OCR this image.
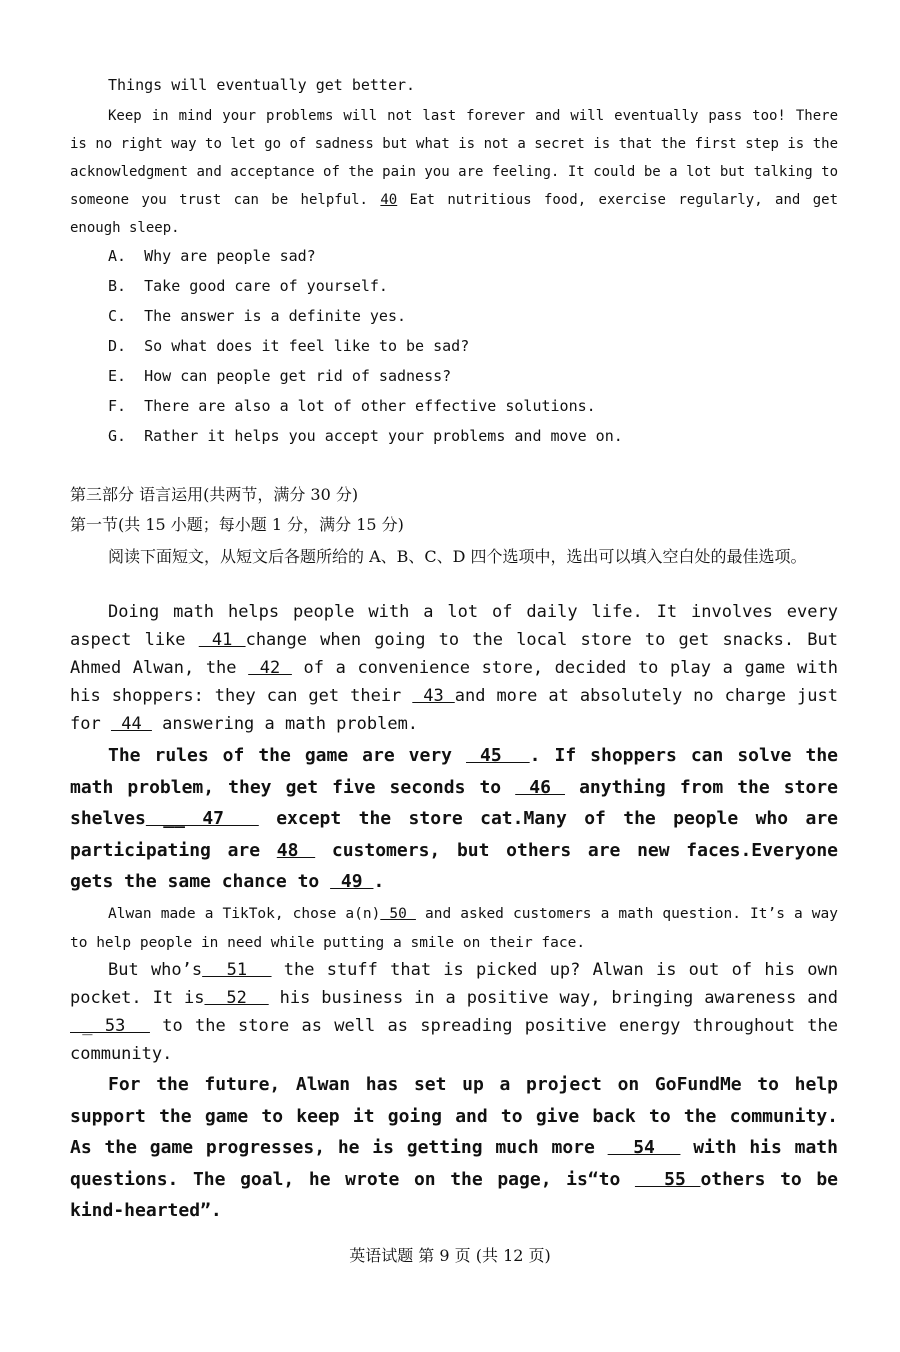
Things will eventually get better.

Keep in mind your problems will not last forever and will eventually pass too! There is no right way to let go of sadness but what is not a secret is that the first step is the acknowledgment and acceptance of the pain you are feeling. It could be a lot but talking to someone you trust can be helpful. 40 Eat nutritious food, exercise regularly, and get enough sleep.

A.  Why are people sad?
B.  Take good care of yourself.
C.  The answer is a definite yes.
D.  So what does it feel like to be sad?
E.  How can people get rid of sadness?
F.  There are also a lot of other effective solutions.
G.  Rather it helps you accept your problems and move on.
第三部分 语言运用(共两节，满分 30 分)
第一节(共 15 小题；每小题 1 分，满分 15 分)

阅读下面短文，从短文后各题所给的 A、B、C、D 四个选项中，选出可以填入空白处的最佳选项。

Doing math helps people with a lot of daily life. It involves every aspect like  41 change when going to the local store to get snacks. But Ahmed Alwan, the  42  of a convenience store, decided to play a game with his shoppers: they can get their  43 and more at absolutely no charge just for  44  answering a math problem.

The rules of the game are very  45  . If shoppers can solve the math problem, they get five seconds to  46  anything from the store shelves __ 47   except the store cat.Many of the people who are participating are 48  customers, but others are new faces.Everyone gets the same chance to  49 .

Alwan made a TikTok, chose a(n) 50  and asked customers a math question. It’s a way to help people in need while putting a smile on their face.

But who’s  51   the stuff that is picked up? Alwan is out of his own pocket. It is  52   his business in a positive way, bringing awareness and _ 53   to the store as well as spreading positive energy throughout the community.

For the future, Alwan has set up a project on GoFundMe to help support the game to keep it going and to give back to the community. As the game progresses, he is getting much more   54   with his math questions. The goal, he wrote on the page, is“to   55 others to be kind-hearted”.

英语试题 第 9 页 (共 12 页)
